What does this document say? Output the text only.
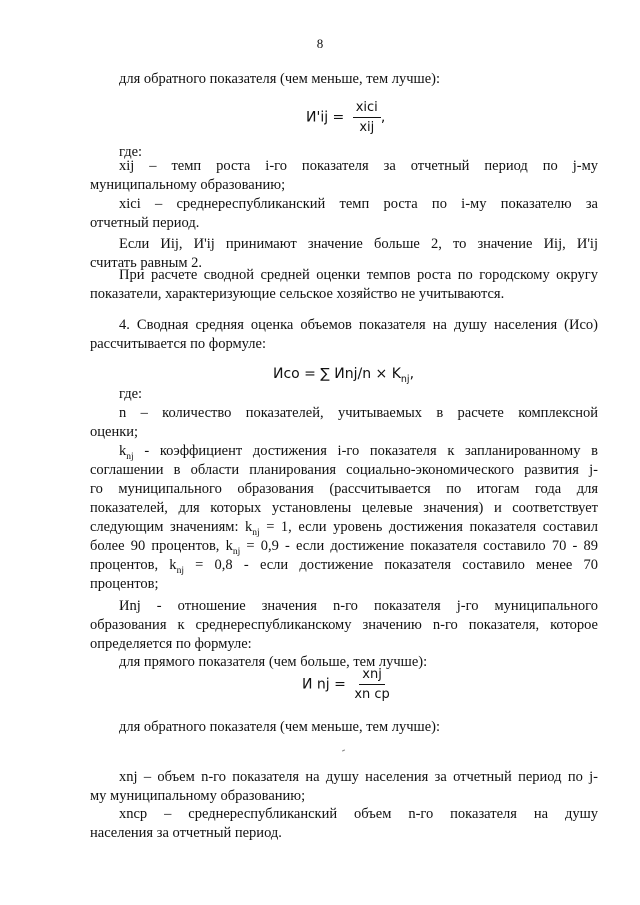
8
для обратного показателя (чем меньше, тем лучше):
$И'ij = \frac{\text{xici}}{\text{xij}}$ ,
где:
xij – темп роста i-го показателя за отчетный период по j-му
муниципальному образованию;
xici – среднереспубликанский темп роста по i-му показателю за
отчетный период.
Если Иij, И'ij принимают значение больше 2, то значение Иij, И'ij
считать равным 2.
При расчете сводной средней оценки темпов роста по городскому округу
показатели, характеризующие сельское хозяйство не учитываются.
4. Сводная средняя оценка объемов показателя на душу населения (Исо)
рассчитывается по формуле:
Исо = ∑ $Иnj/n \times K_{nj}$,
где:
n – количество показателей, учитываемых в расчете комплексной
оценки;
$k_{nj}$ - коэффициент достижения i-го показателя к запланированному в
соглашении в области планирования социально-экономического развития j-
го муниципального образования (рассчитывается по итогам года для
показателей, для которых установлены целевые значения) и соответствует
следующим значениям: $k_{nj} = 1$, если уровень достижения показателя составил
более 90 процентов, $k_{nj} = 0,9$ - если достижение показателя составило 70 - 89
процентов, $k_{nj} = 0,8$ - если достижение показателя составило менее 70
процентов;
Иnj - отношение значения n-го показателя j-го муниципального
образования к среднереспубликанскому значению n-го показателя, которое
определяется по формуле:
для прямого показателя (чем больше, тем лучше):
И nj = $\frac{\text{xnj}}{\text{xn cp}}$
для обратного показателя (чем меньше, тем лучше):
xnj – объем n-го показателя на душу населения за отчетный период по j-
му муниципальному образованию;
xncp – среднереспубликанский объем n-го показателя на душу
населения за отчетный период.
